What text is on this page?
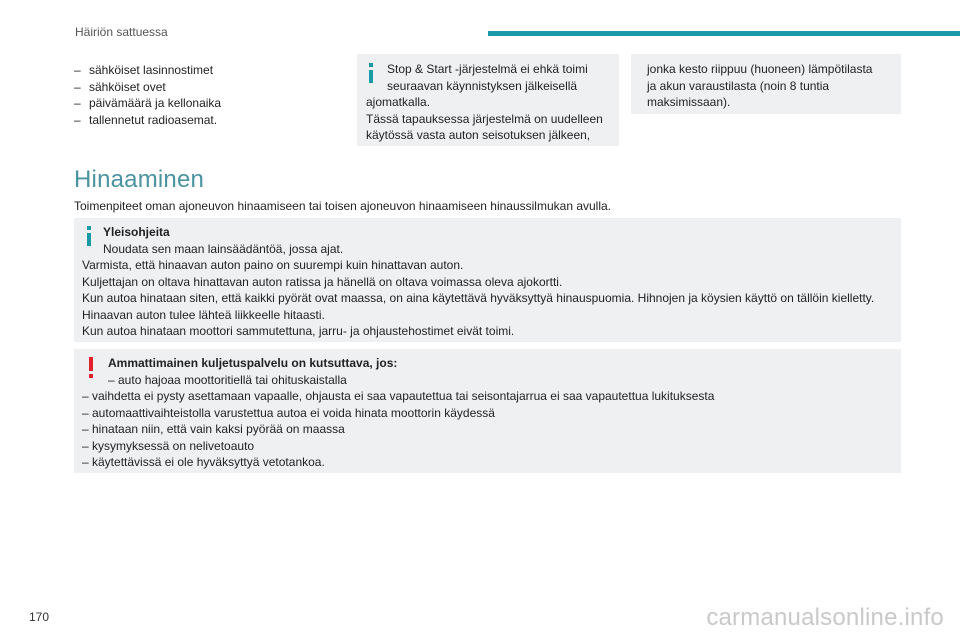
Häiriön sattuessa
– sähköiset lasinnostimet
– sähköiset ovet
– päivämäärä ja kellonaika
– tallennetut radioasemat.
Stop & Start -järjestelmä ei ehkä toimi
seuraavan käynnistyksen jälkeisellä
ajomatkalla.
Tässä tapauksessa järjestelmä on uudelleen
käytössä vasta auton seisotuksen jälkeen,
jonka kesto riippuu (huoneen) lämpötilasta
ja akun varaustilasta (noin 8 tuntia
maksimissaan).
Hinaaminen
Toimenpiteet oman ajoneuvon hinaamiseen tai toisen ajoneuvon hinaamiseen hinaussilmukan avulla.
Yleisohjeita
Noudata sen maan lainsäädäntöä, jossa ajat.
Varmista, että hinaavan auton paino on suurempi kuin hinattavan auton.
Kuljettajan on oltava hinattavan auton ratissa ja hänellä on oltava voimassa oleva ajokortti.
Kun autoa hinataan siten, että kaikki pyörät ovat maassa, on aina käytettävä hyväksyttyä hinauspuomia. Hihnojen ja köysien käyttö on tällöin kielletty.
Hinaavan auton tulee lähteä liikkeelle hitaasti.
Kun autoa hinataan moottori sammutettuna, jarru- ja ohjaustehostimet eivät toimi.
Ammattimainen kuljetuspalvelu on kutsuttava, jos:
– auto hajoaa moottoritiellä tai ohituskaistalla
– vaihdetta ei pysty asettamaan vapaalle, ohjausta ei saa vapautettua tai seisontajarrua ei saa vapautettua lukituksesta
– automaattivaihteistolla varustettua autoa ei voida hinata moottorin käydessä
– hinataan niin, että vain kaksi pyörää on maassa
– kysymyksessä on nelivetoauto
– käytettävissä ei ole hyväksyttyä vetotankoa.
170	carmanualsonline.info
